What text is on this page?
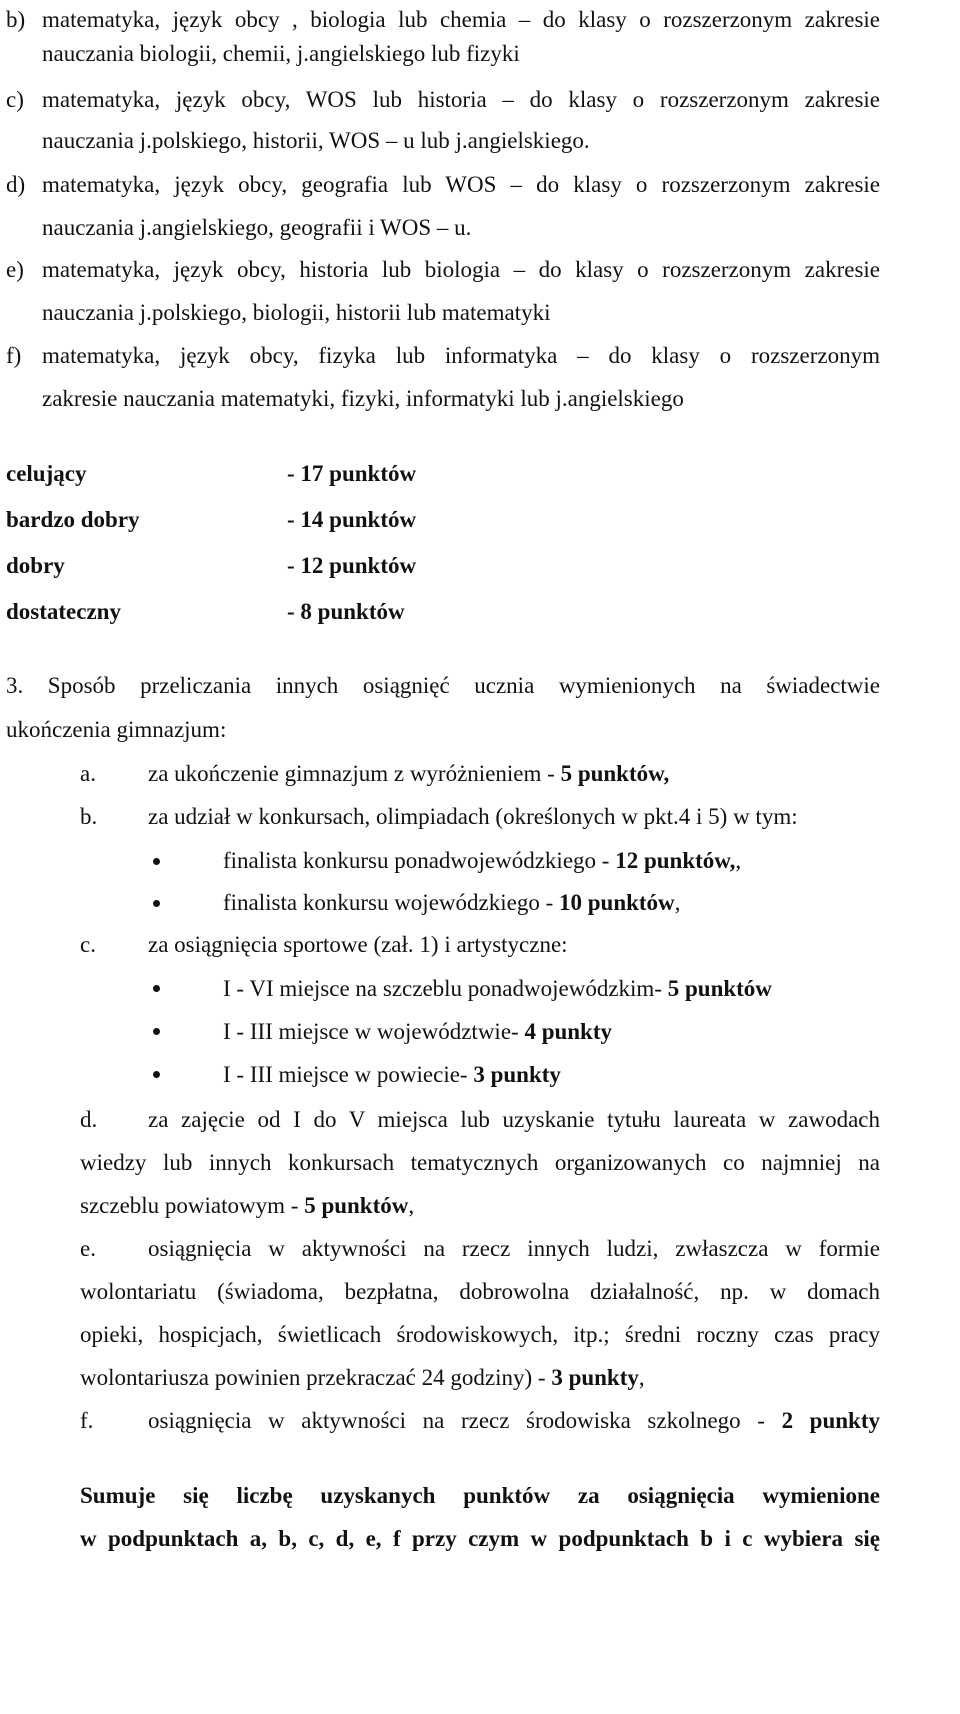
b) matematyka, język obcy , biologia lub chemia – do klasy o rozszerzonym zakresie
nauczania biologii, chemii, j.angielskiego lub fizyki
c) matematyka, język obcy, WOS lub historia – do klasy o rozszerzonym zakresie
nauczania j.polskiego, historii, WOS – u lub j.angielskiego.
d) matematyka, język obcy, geografia lub WOS – do klasy o rozszerzonym zakresie
nauczania j.angielskiego, geografii i WOS – u.
e) matematyka, język obcy, historia lub biologia – do klasy o rozszerzonym zakresie
nauczania j.polskiego, biologii, historii lub matematyki
f) matematyka, język obcy, fizyka lub informatyka – do klasy o rozszerzonym
zakresie nauczania matematyki, fizyki, informatyki lub j.angielskiego
celujący	- 17 punktów
bardzo dobry	- 14 punktów
dobry	- 12 punktów
dostateczny	- 8 punktów
3. Sposób przeliczania innych osiągnięć ucznia wymienionych na świadectwie
ukończenia gimnazjum:
a. za ukończenie gimnazjum z wyróżnieniem - 5 punktów,
b. za udział w konkursach, olimpiadach (określonych w pkt.4 i 5) w tym:
finalista konkursu ponadwojewódzkiego - 12 punktów,,
finalista konkursu wojewódzkiego - 10 punktów,
c. za osiągnięcia sportowe (zał. 1) i artystyczne:
I - VI miejsce na szczeblu ponadwojewódzkim- 5 punktów
I - III miejsce w województwie- 4 punkty
I - III miejsce w powiecie- 3 punkty
d. za zajęcie od I do V miejsca lub uzyskanie tytułu laureata w zawodach
wiedzy lub innych konkursach tematycznych organizowanych co najmniej na
szczeblu powiatowym - 5 punktów,
e. osiągnięcia w aktywności na rzecz innych ludzi, zwłaszcza w formie
wolontariatu (świadoma, bezpłatna, dobrowolna działalność, np. w domach
opieki, hospicjach, świetlicach środowiskowych, itp.; średni roczny czas pracy
wolontariusza powinien przekraczać 24 godziny) - 3 punkty,
f. osiągnięcia w aktywności na rzecz środowiska szkolnego - 2 punkty
Sumuje się liczbę uzyskanych punktów za osiągnięcia wymienione
w podpunktach a, b, c, d, e, f przy czym w podpunktach b i c wybiera się
